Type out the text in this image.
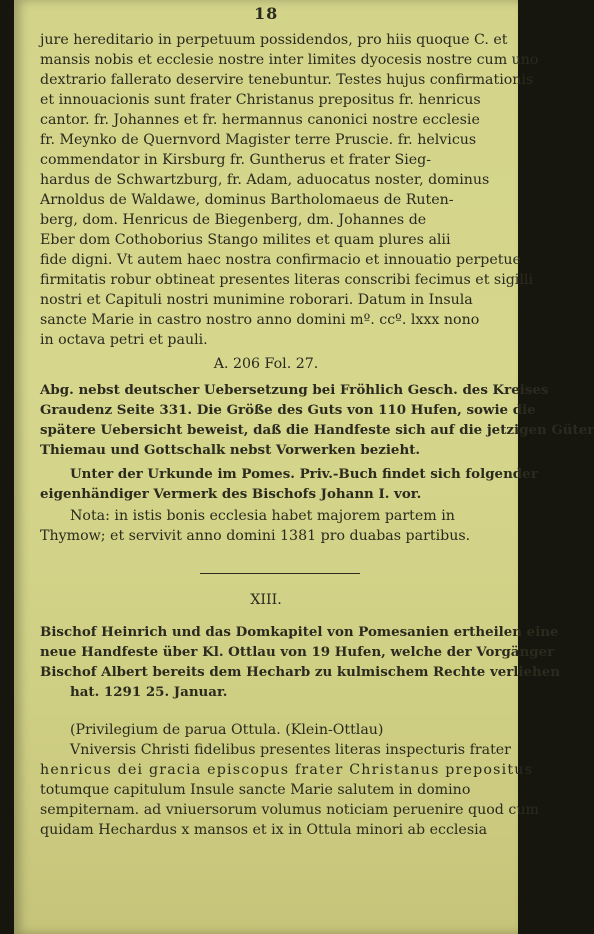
18
jure hereditario in perpetuum possidendos, pro hiis quoque C. et
mansis nobis et ecclesie nostre inter limites dyocesis nostre cum uno
dextrario fallerato deservire tenebuntur. Testes hujus confirmationis
et innouacionis sunt frater Christanus prepositus fr. henricus
cantor. fr. Johannes et fr. hermannus canonici nostre ecclesie
fr. Meynko de Quernvord Magister terre Pruscie. fr. helvicus
commendator in Kirsburg fr. Guntherus et frater Sieg-
hardus de Schwartzburg, fr. Adam, aduocatus noster, dominus
Arnoldus de Waldawe, dominus Bartholomaeus de Ruten-
berg, dom. Henricus de Biegenberg, dm. Johannes de
Eber dom Cothoborius Stango milites et quam plures alii
fide digni. Vt autem haec nostra confirmacio et innouatio perpetue
firmitatis robur obtineat presentes literas conscribi fecimus et sigilli
nostri et Capituli nostri munimine roborari. Datum in Insula
sancte Marie in castro nostro anno domini mº. ccº. lxxx nono
in octava petri et pauli.
A. 206 Fol. 27.
Abg. nebst deutscher Uebersetzung bei Fröhlich Gesch. des Kreises
Graudenz Seite 331. Die Größe des Guts von 110 Hufen, sowie die
spätere Uebersicht beweist, daß die Handfeste sich auf die jetzigen Güter
Thiemau und Gottschalk nebst Vorwerken bezieht.
Unter der Urkunde im Pomes. Priv.-Buch findet sich folgender
eigenhändiger Vermerk des Bischofs Johann I. vor.
Nota: in istis bonis ecclesia habet majorem partem in
Thymow; et servivit anno domini 1381 pro duabas partibus.
XIII.
Bischof Heinrich und das Domkapitel von Pomesanien ertheilen eine
neue Handfeste über Kl. Ottlau von 19 Hufen, welche der Vorgänger
Bischof Albert bereits dem Hecharb zu kulmischem Rechte verliehen
hat. 1291 25. Januar.
(Privilegium de parua Ottula. (Klein-Ottlau)
Vniversis Christi fidelibus presentes literas inspecturis frater
henricus dei gracia episcopus frater Christanus prepositus
totumque capitulum Insule sancte Marie salutem in domino
sempiternam. ad vniuersorum volumus noticiam peruenire quod cum
quidam Hechardus x mansos et ix in Ottula minori ab ecclesia
